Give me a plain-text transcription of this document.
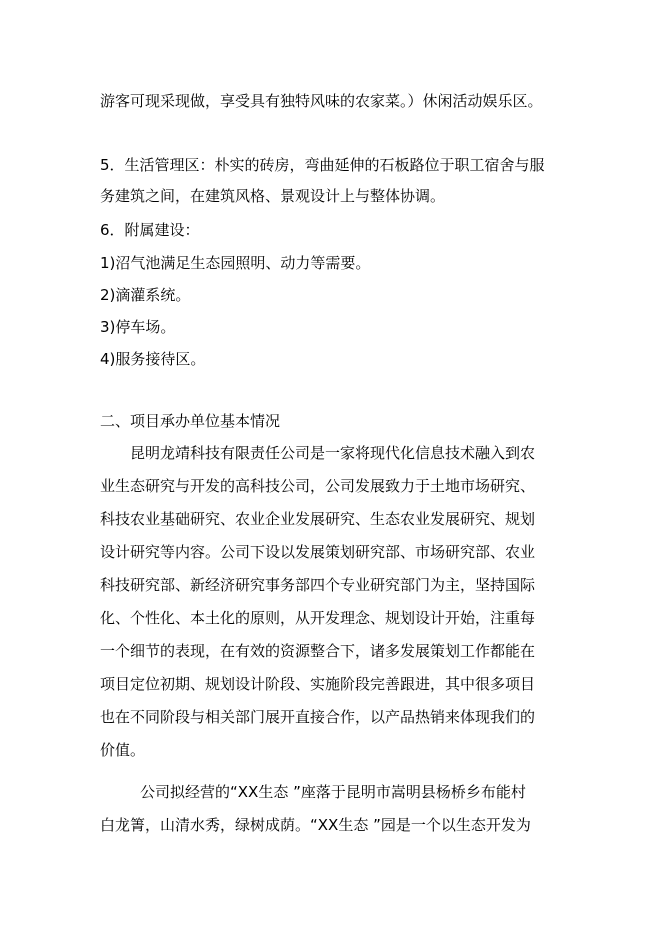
游客可现采现做，享受具有独特风味的农家菜。）休闲活动娱乐区。
5．生活管理区：朴实的砖房，弯曲延伸的石板路位于职工宿舍与服
务建筑之间，在建筑风格、景观设计上与整体协调。
6．附属建设：
1)沼气池满足生态园照明、动力等需要。
2)滴灌系统。
3)停车场。
4)服务接待区。
二、项目承办单位基本情况
昆明龙靖科技有限责任公司是一家将现代化信息技术融入到农
业生态研究与开发的高科技公司，公司发展致力于土地市场研究、
科技农业基础研究、农业企业发展研究、生态农业发展研究、规划
设计研究等内容。公司下设以发展策划研究部、市场研究部、农业
科技研究部、新经济研究事务部四个专业研究部门为主，坚持国际
化、个性化、本土化的原则，从开发理念、规划设计开始，注重每
一个细节的表现，在有效的资源整合下，诸多发展策划工作都能在
项目定位初期、规划设计阶段、实施阶段完善跟进，其中很多项目
也在不同阶段与相关部门展开直接合作，以产品热销来体现我们的
价值。
公司拟经营的“XX生态 ”座落于昆明市嵩明县杨桥乡布能村
白龙箐，山清水秀，绿树成荫。“XX生态 ”园是一个以生态开发为
